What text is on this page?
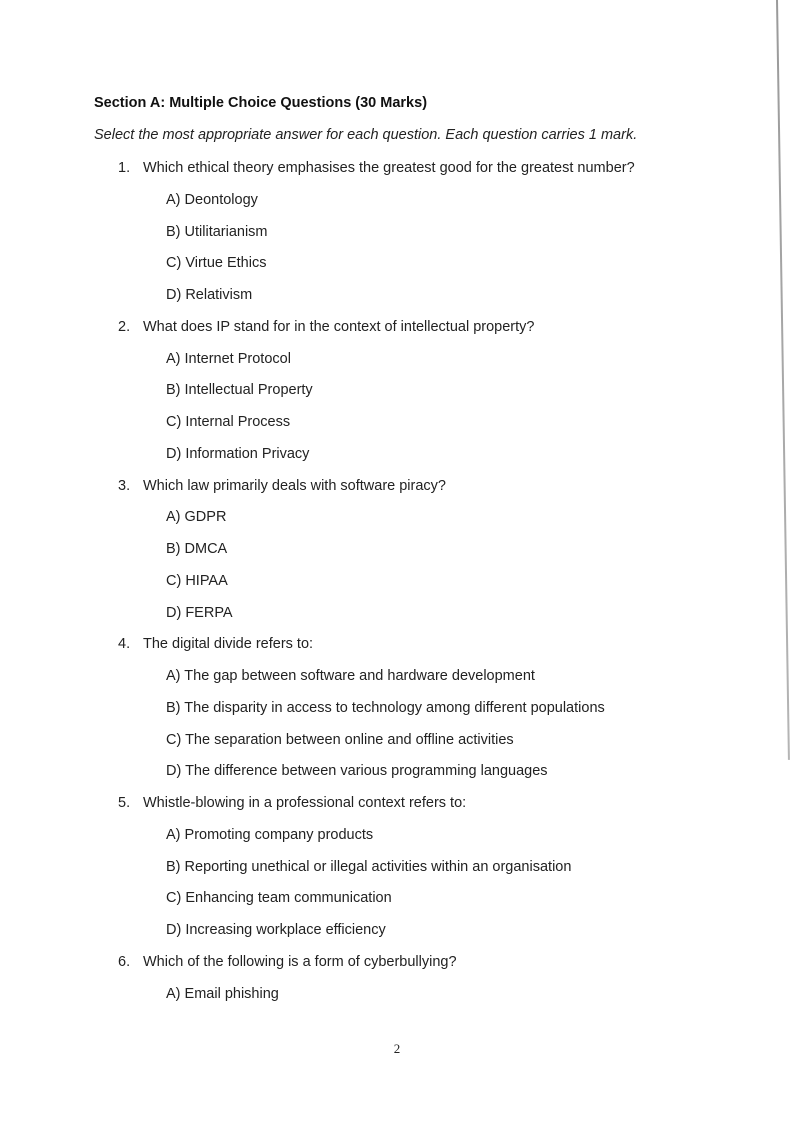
Section A: Multiple Choice Questions (30 Marks)
Select the most appropriate answer for each question. Each question carries 1 mark.
1. Which ethical theory emphasises the greatest good for the greatest number?
A) Deontology
B) Utilitarianism
C) Virtue Ethics
D) Relativism
2. What does IP stand for in the context of intellectual property?
A) Internet Protocol
B) Intellectual Property
C) Internal Process
D) Information Privacy
3. Which law primarily deals with software piracy?
A) GDPR
B) DMCA
C) HIPAA
D) FERPA
4. The digital divide refers to:
A) The gap between software and hardware development
B) The disparity in access to technology among different populations
C) The separation between online and offline activities
D) The difference between various programming languages
5. Whistle-blowing in a professional context refers to:
A) Promoting company products
B) Reporting unethical or illegal activities within an organisation
C) Enhancing team communication
D) Increasing workplace efficiency
6. Which of the following is a form of cyberbullying?
A) Email phishing
2
